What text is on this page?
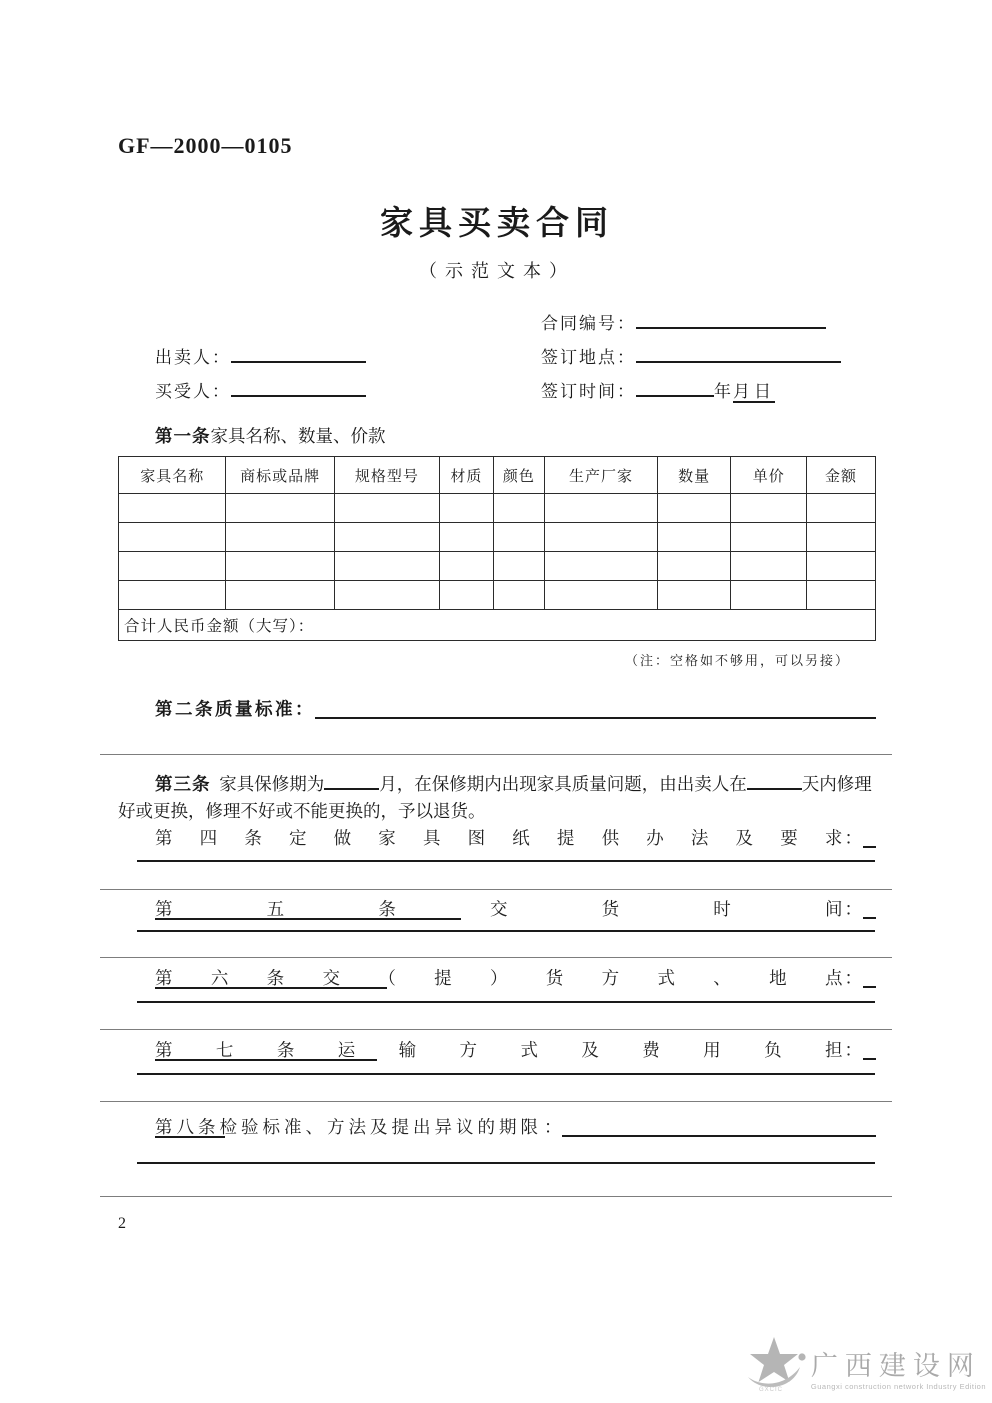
GF—2000—0105
家具买卖合同
（示范文本）
合同编号：
出卖人：	签订地点：
买受人：	签订时间：	年月日
第一条家具名称、数量、价款
家具名称	商标或品牌	规格型号	材质	颜色	生产厂家	数量	单价	金额

合计人民币金额（大写）：								
（注：空格如不够用，可以另接）
第二条质量标准：
第三条 家具保修期为	月，在保修期内出现家具质量问题，由出卖人在	天内修理好或更换，修理不好或不能更换的，予以退货。
第 四 条 定 做 家 具 图 纸 提 供 办 法 及 要 求 ：
第	五	条	交	货	时	间 ：
第 六 条 交 （ 提 ） 货 方 式 、 地 点 ：
第 七 条 运 输 方 式 及 费 用 负 担 ：
第八条检验标准、方法及提出异议的期限 ：
2
GXCIC
广西建设网
Guangxi construction network Industry Edition
